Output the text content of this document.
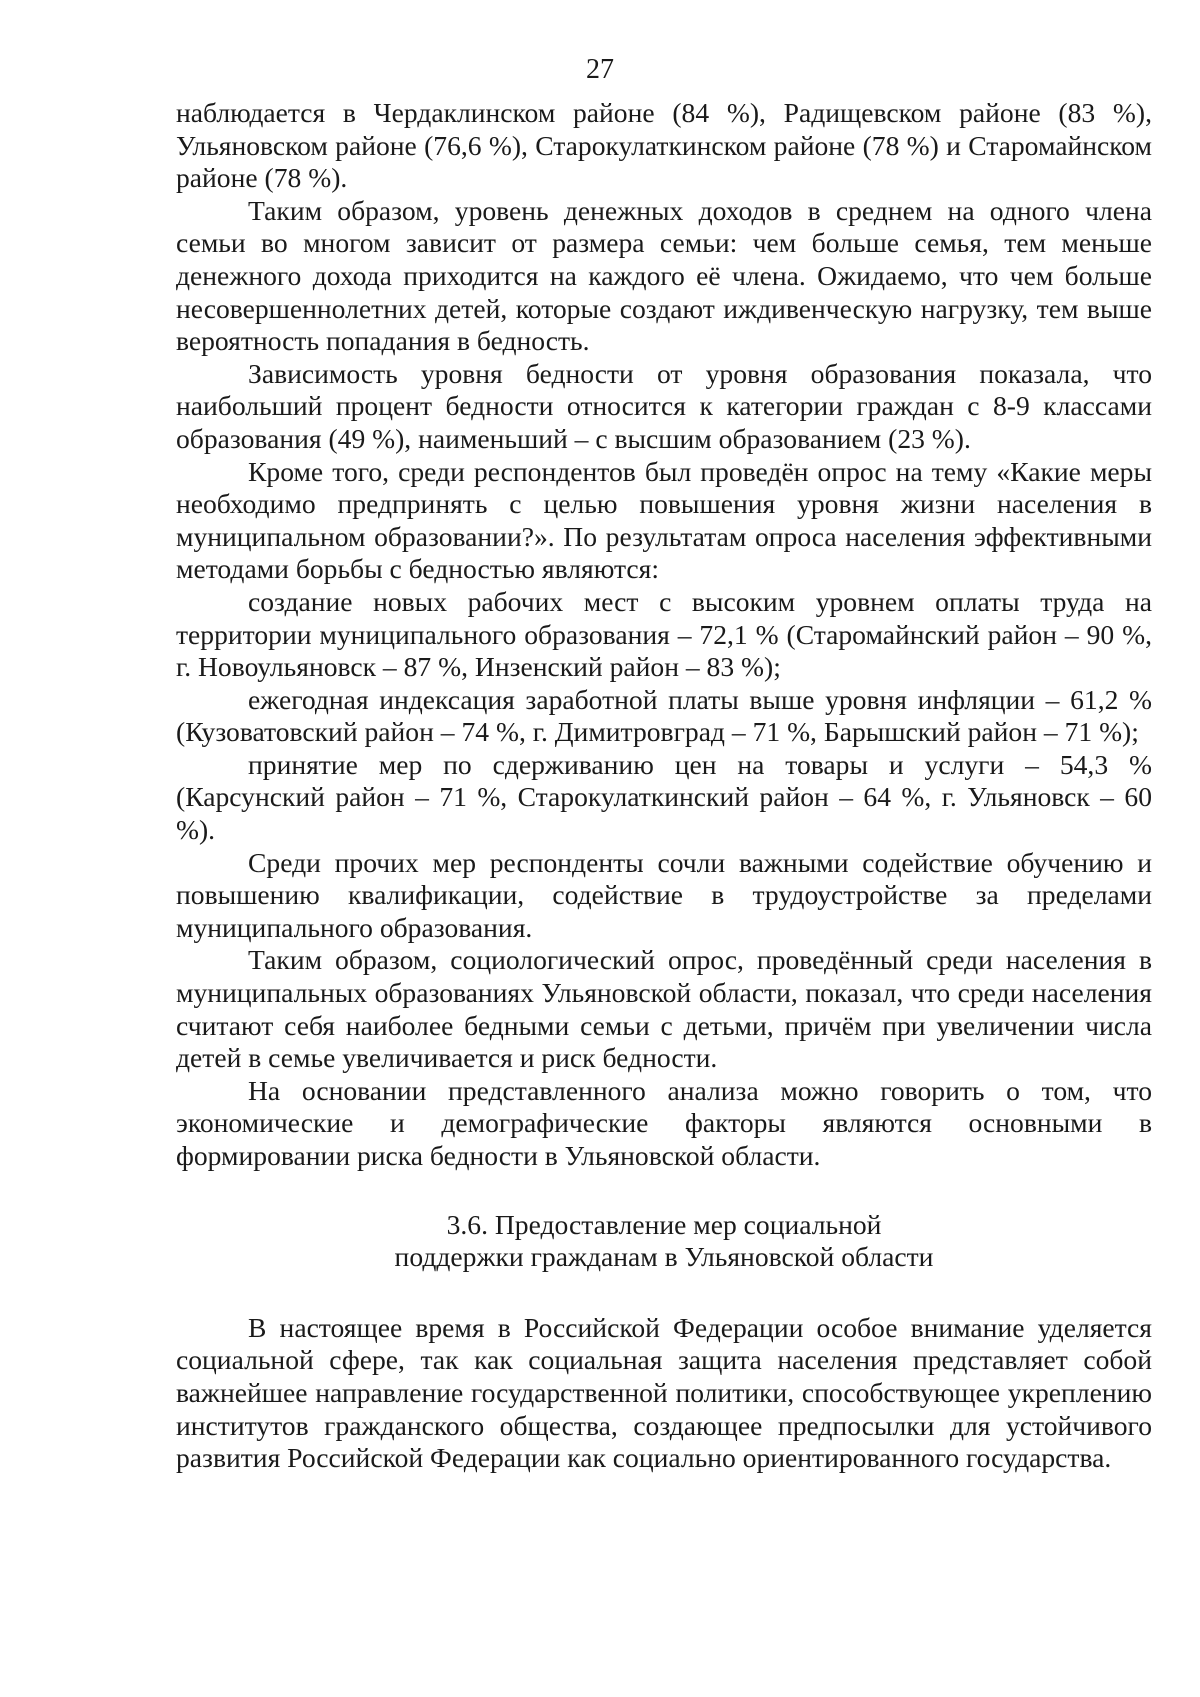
27

наблюдается в Чердаклинском районе (84 %), Радищевском районе (83 %), Ульяновском районе (76,6 %), Старокулаткинском районе (78 %) и Старомайнском районе (78 %).

Таким образом, уровень денежных доходов в среднем на одного члена семьи во многом зависит от размера семьи: чем больше семья, тем меньше денежного дохода приходится на каждого её члена. Ожидаемо, что чем больше несовершеннолетних детей, которые создают иждивенческую нагрузку, тем выше вероятность попадания в бедность.

Зависимость уровня бедности от уровня образования показала, что наибольший процент бедности относится к категории граждан с 8-9 классами образования (49 %), наименьший – с высшим образованием (23 %).

Кроме того, среди респондентов был проведён опрос на тему «Какие меры необходимо предпринять с целью повышения уровня жизни населения в муниципальном образовании?». По результатам опроса населения эффективными методами борьбы с бедностью являются:

создание новых рабочих мест с высоким уровнем оплаты труда на территории муниципального образования – 72,1 % (Старомайнский район – 90 %, г. Новоульяновск – 87 %, Инзенский район – 83 %);

ежегодная индексация заработной платы выше уровня инфляции – 61,2 % (Кузоватовский район – 74 %, г. Димитровград – 71 %, Барышский район – 71 %);

принятие мер по сдерживанию цен на товары и услуги – 54,3 % (Карсунский район – 71 %, Старокулаткинский район – 64 %, г. Ульяновск – 60 %).

Среди прочих мер респонденты сочли важными содействие обучению и повышению квалификации, содействие в трудоустройстве за пределами муниципального образования.

Таким образом, социологический опрос, проведённый среди населения в муниципальных образованиях Ульяновской области, показал, что среди населения считают себя наиболее бедными семьи с детьми, причём при увеличении числа детей в семье увеличивается и риск бедности.

На основании представленного анализа можно говорить о том, что экономические и демографические факторы являются основными в формировании риска бедности в Ульяновской области.

3.6. Предоставление мер социальной
поддержки гражданам в Ульяновской области

В настоящее время в Российской Федерации особое внимание уделяется социальной сфере, так как социальная защита населения представляет собой важнейшее направление государственной политики, способствующее укреплению институтов гражданского общества, создающее предпосылки для устойчивого развития Российской Федерации как социально ориентированного государства.
